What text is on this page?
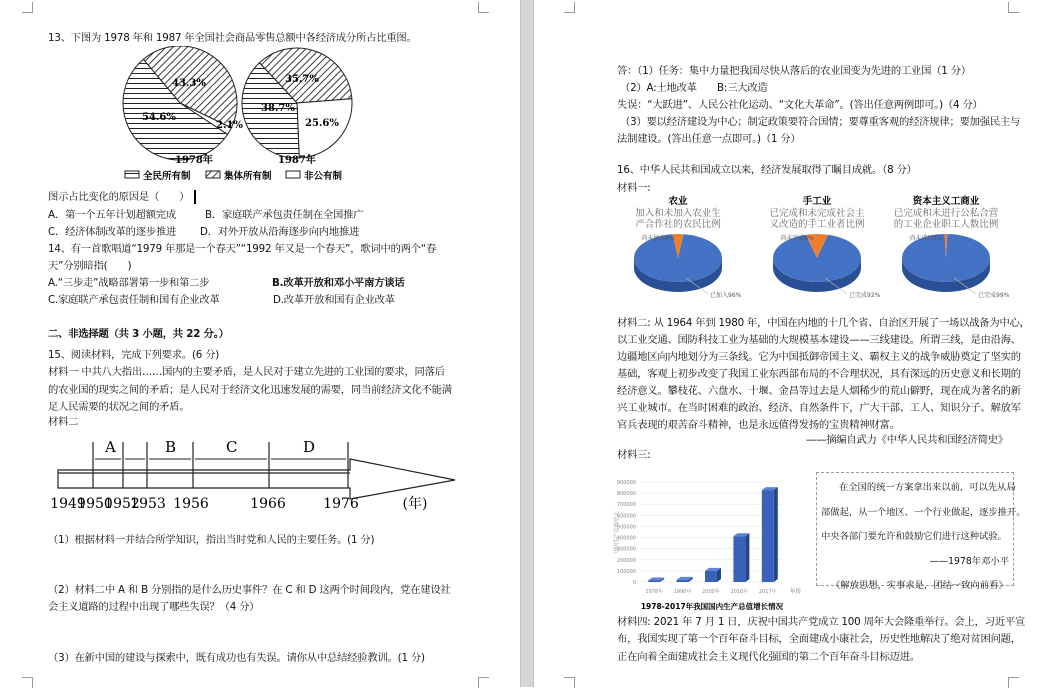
13、下图为 1978 年和 1987 年全国社会商品零售总额中各经济成分所占比重图。
43.3%
2.1%
54.6%
35.7%
25.6%
38.7%
1978年	1987年
全民所有制	集体所有制	非公有制
图示占比变化的原因是（　　）
A．第一个五年计划超额完成	B．家庭联产承包责任制在全国推广
C．经济体制改革的逐步推进 D．对外开放从沿海逐步向内地推进
14、有一首歌唱道“1979 年那是一个春天”“1992 年又是一个春天”，歌词中的两个“春
天”分别暗指(　　)
A.“三步走”战略部署第一步和第二步	B.改革开放和邓小平南方谈话
C.家庭联产承包责任制和国有企业改革	D.改革开放和国有企业改革
二、非选择题（共 3 小题，共 22 分。）
15、阅读材料，完成下列要求。(6 分)
材料一 中共八大指出……国内的主要矛盾，是人民对于建立先进的工业国的要求，同落后
的农业国的现实之间的矛盾；是人民对于经济文化迅速发展的需要，同当前经济文化不能满
足人民需要的状况之间的矛盾。
材料二
A	B	C	D
1949
1950
1952
1953 1956	1966	1976	(年)
（1）根据材料一并结合所学知识，指出当时党和人民的主要任务。(1 分)
（2）材料二中 A 和 B 分别指的是什么历史事件？在 C 和 D 这两个时间段内，党在建设社
会主义道路的过程中出现了哪些失误？（4 分）
（3）在新中国的建设与探索中，既有成功也有失误。请你从中总结经验教训。(1 分)
答：（1）任务：集中力量把我国尽快从落后的农业国变为先进的工业国（1 分）
（2）A:土地改革　　B:三大改造
失误：“大跃进”、人民公社化运动、“文化大革命”。(答出任意两例即可。)（4 分）
（3）要以经济建设为中心；制定政策要符合国情；要尊重客观的经济规律；要加强民主与
法制建设。(答出任意一点即可。)（1 分）
16、中华人民共和国成立以来，经济发展取得了瞩目成就。（8 分）
材料一:
农业
加入和未加入农业生
产合作社的农民比例
尚未加入4%
已加入96%
手工业
已完成和未完成社会主
义改造的手工业者比例
尚未完成8%
已完成92%
资本主义工商业
已完成和未进行公私合营
的工业企业职工人数比例
尚未进行1%
已完成99%
材料二: 从 1964 年到 1980 年，中国在内地的十几个省、自治区开展了一场以战备为中心，
以工业交通、国防科技工业为基础的大规模基本建设——三线建设。所谓三线，是由沿海、
边疆地区向内地划分为三条线。它为中国抵御帝国主义、霸权主义的战争威胁奠定了坚实的
基础，客观上初步改变了我国工业东西部布局的不合理状况，具有深远的历史意义和长期的
经济意义。攀枝花、六盘水、十堰、金昌等过去是人烟稀少的荒山僻野，现在成为著名的新
兴工业城市。在当时困难的政治、经济、自然条件下，广大干部、工人、知识分子、解放军
官兵表现的艰苦奋斗精神，也是永远值得发扬的宝贵精神财富。
——摘编自武力《中华人民共和国经济简史》
材料三:
0
100000
200000
300000
400000
500000
600000
700000
800000
900000
国内生产总值/亿元
1978年 1990年 2000年 2010年 2017年 年份
1978-2017年我国国内生产总值增长情况
在全国的统一方案拿出来以前，可以先从局
部做起，从一个地区、一个行业做起，逐步推开。
中央各部门要允许和鼓励它们进行这种试验。
——1978年邓小平
《解放思想，实事求是，团结一致向前看》
材料四: 2021 年 7 月 1 日，庆祝中国共产党成立 100 周年大会隆重举行。会上，习近平宣
布，我国实现了第一个百年奋斗目标，全面建成小康社会，历史性地解决了绝对贫困问题，
正在向着全面建成社会主义现代化强国的第二个百年奋斗目标迈进。
